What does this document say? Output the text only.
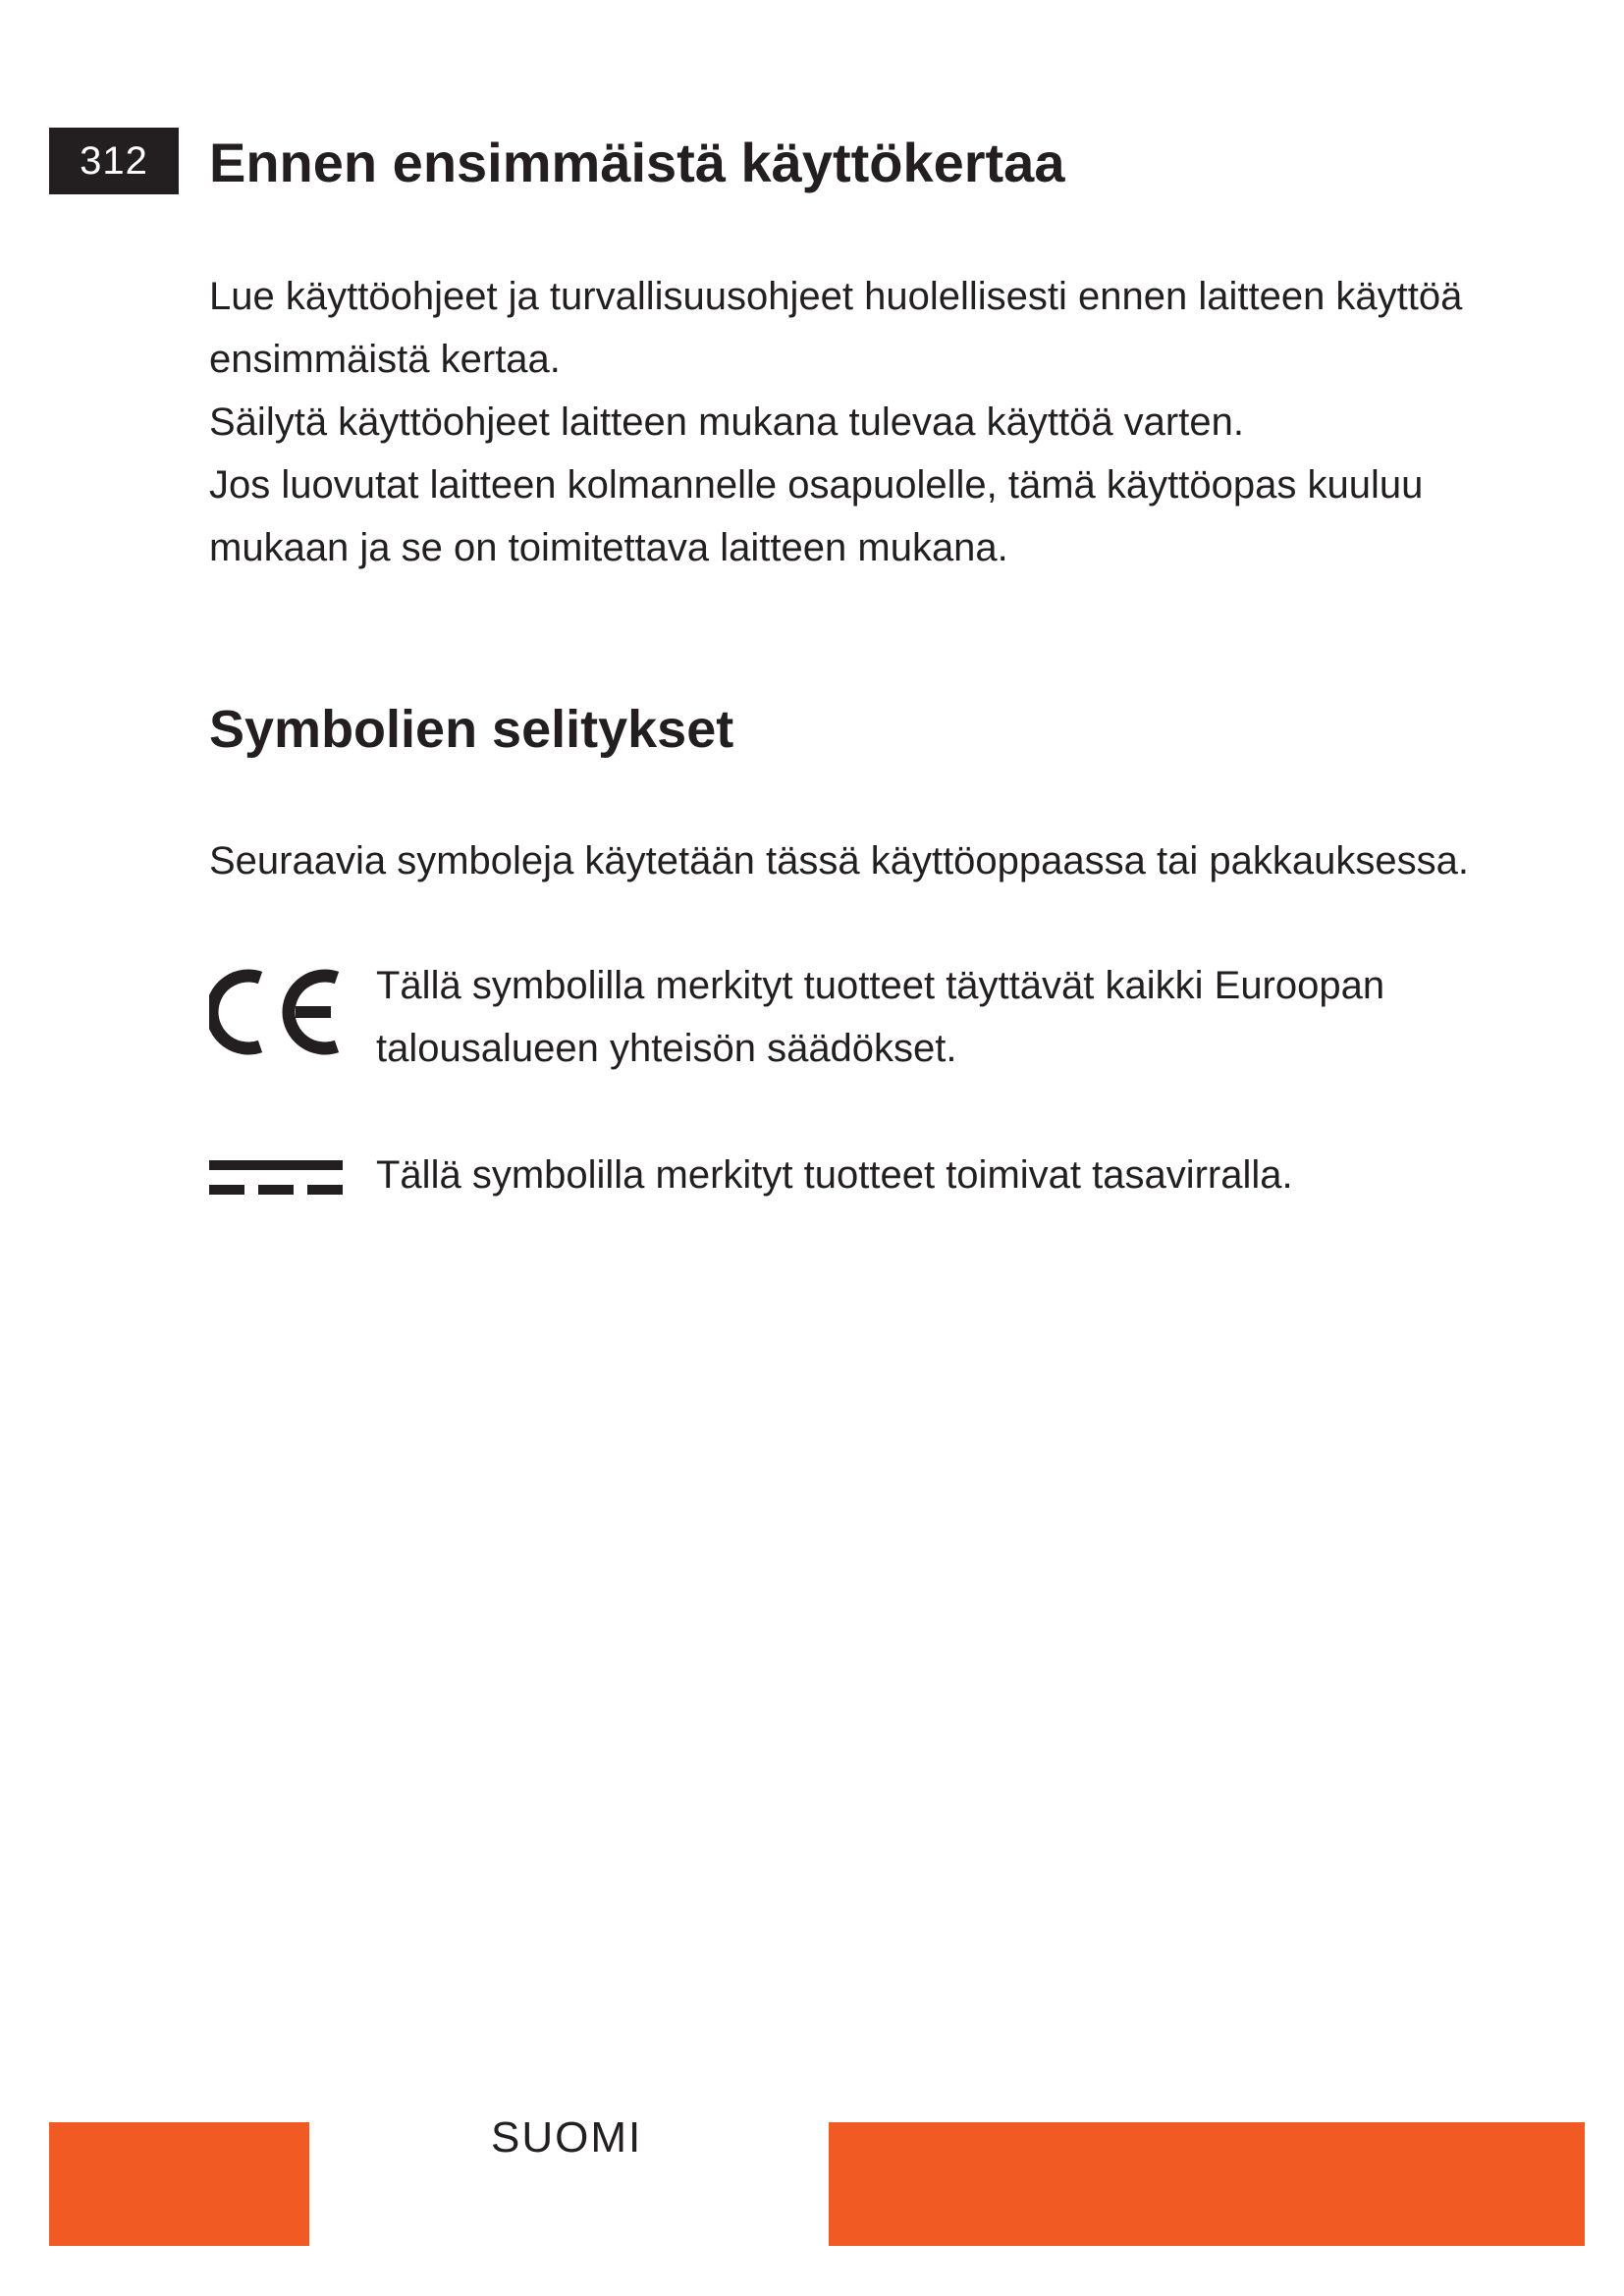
312 Ennen ensimmäistä käyttökertaa

Lue käyttöohjeet ja turvallisuusohjeet huolellisesti ennen laitteen käyttöä ensimmäistä kertaa.

Säilytä käyttöohjeet laitteen mukana tulevaa käyttöä varten.

Jos luovutat laitteen kolmannelle osapuolelle, tämä käyttöopas kuuluu mukaan ja se on toimitettava laitteen mukana.

Symbolien selitykset

Seuraavia symboleja käytetään tässä käyttöoppaassa tai pakkauksessa.

Tällä symbolilla merkityt tuotteet täyttävät kaikki Euroopan talousalueen yhteisön säädökset.

Tällä symbolilla merkityt tuotteet toimivat tasavirralla.

SUOMI
